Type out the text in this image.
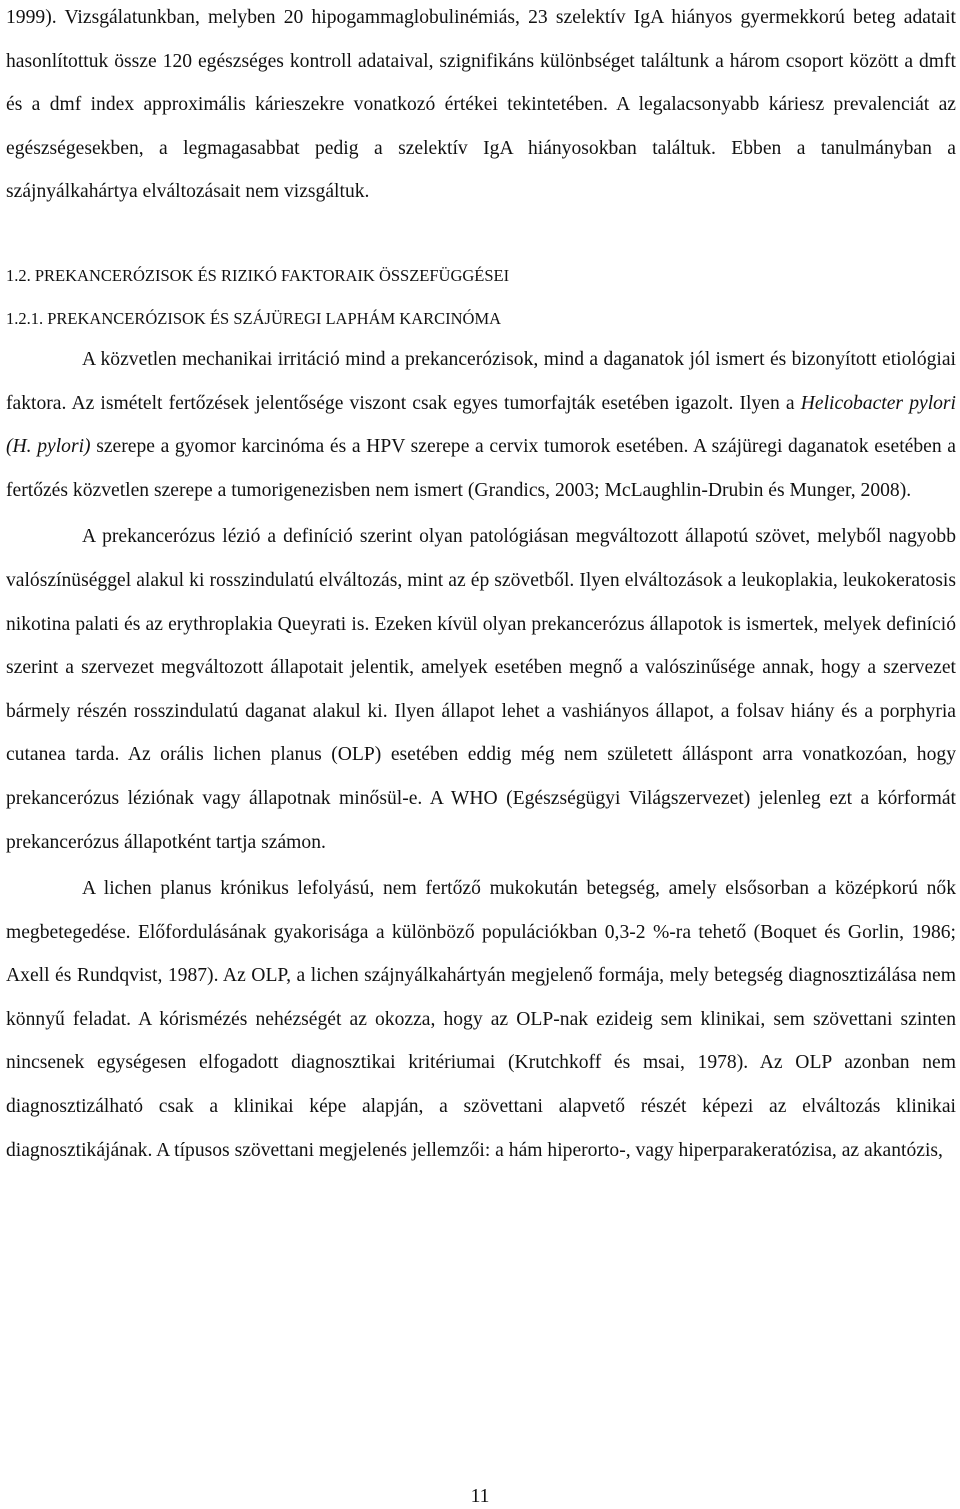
1999). Vizsgálatunkban, melyben 20 hipogammaglobulinémiás, 23 szelektív IgA hiányos gyermekkorú beteg adatait hasonlítottuk össze 120 egészséges kontroll adataival, szignifikáns különbséget találtunk a három csoport között a dmft és a dmf index approximális kárieszekre vonatkozó értékei tekintetében. A legalacsonyabb káriesz prevalenciát az egészségesekben, a legmagasabbat pedig a szelektív IgA hiányosokban találtuk. Ebben a tanulmányban a szájnyálkahártya elváltozásait nem vizsgáltuk.

1.2. PREKANCERÓZISOK ÉS RIZIKÓ FAKTORAIK ÖSSZEFÜGGÉSEI

1.2.1. PREKANCERÓZISOK ÉS SZÁJÜREGI LAPHÁM KARCINÓMA

A közvetlen mechanikai irritáció mind a prekancerózisok, mind a daganatok jól ismert és bizonyított etiológiai faktora. Az ismételt fertőzések jelentősége viszont csak egyes tumorfajták esetében igazolt. Ilyen a Helicobacter pylori (H. pylori) szerepe a gyomor karcinóma és a HPV szerepe a cervix tumorok esetében. A szájüregi daganatok esetében a fertőzés közvetlen szerepe a tumorigenezisben nem ismert (Grandics, 2003; McLaughlin-Drubin és Munger, 2008).

A prekancerózus lézió a definíció szerint olyan patológiásan megváltozott állapotú szövet, melyből nagyobb valószínüséggel alakul ki rosszindulatú elváltozás, mint az ép szövetből. Ilyen elváltozások a leukoplakia, leukokeratosis nikotina palati és az erythroplakia Queyrati is. Ezeken kívül olyan prekancerózus állapotok is ismertek, melyek definíció szerint a szervezet megváltozott állapotait jelentik, amelyek esetében megnő a valószinűsége annak, hogy a szervezet bármely részén rosszindulatú daganat alakul ki. Ilyen állapot lehet a vashiányos állapot, a folsav hiány és a porphyria cutanea tarda. Az orális lichen planus (OLP) esetében eddig még nem született álláspont arra vonatkozóan, hogy prekancerózus léziónak vagy állapotnak minősül-e. A WHO (Egészségügyi Világszervezet) jelenleg ezt a kórformát prekancerózus állapotként tartja számon.

A lichen planus krónikus lefolyású, nem fertőző mukokután betegség, amely elsősorban a középkorú nők megbetegedése. Előfordulásának gyakorisága a különböző populációkban 0,3-2 %-ra tehető (Boquet és Gorlin, 1986; Axell és Rundqvist, 1987). Az OLP, a lichen szájnyálkahártyán megjelenő formája, mely betegség diagnosztizálása nem könnyű feladat. A kórismézés nehézségét az okozza, hogy az OLP-nak ezideig sem klinikai, sem szövettani szinten nincsenek egységesen elfogadott diagnosztikai kritériumai (Krutchkoff és msai, 1978). Az OLP azonban nem diagnosztizálható csak a klinikai képe alapján, a szövettani alapvető részét képezi az elváltozás klinikai diagnosztikájának. A típusos szövettani megjelenés jellemzői: a hám hiperorto-, vagy hiperparakeratózisa, az akantózis,

11
